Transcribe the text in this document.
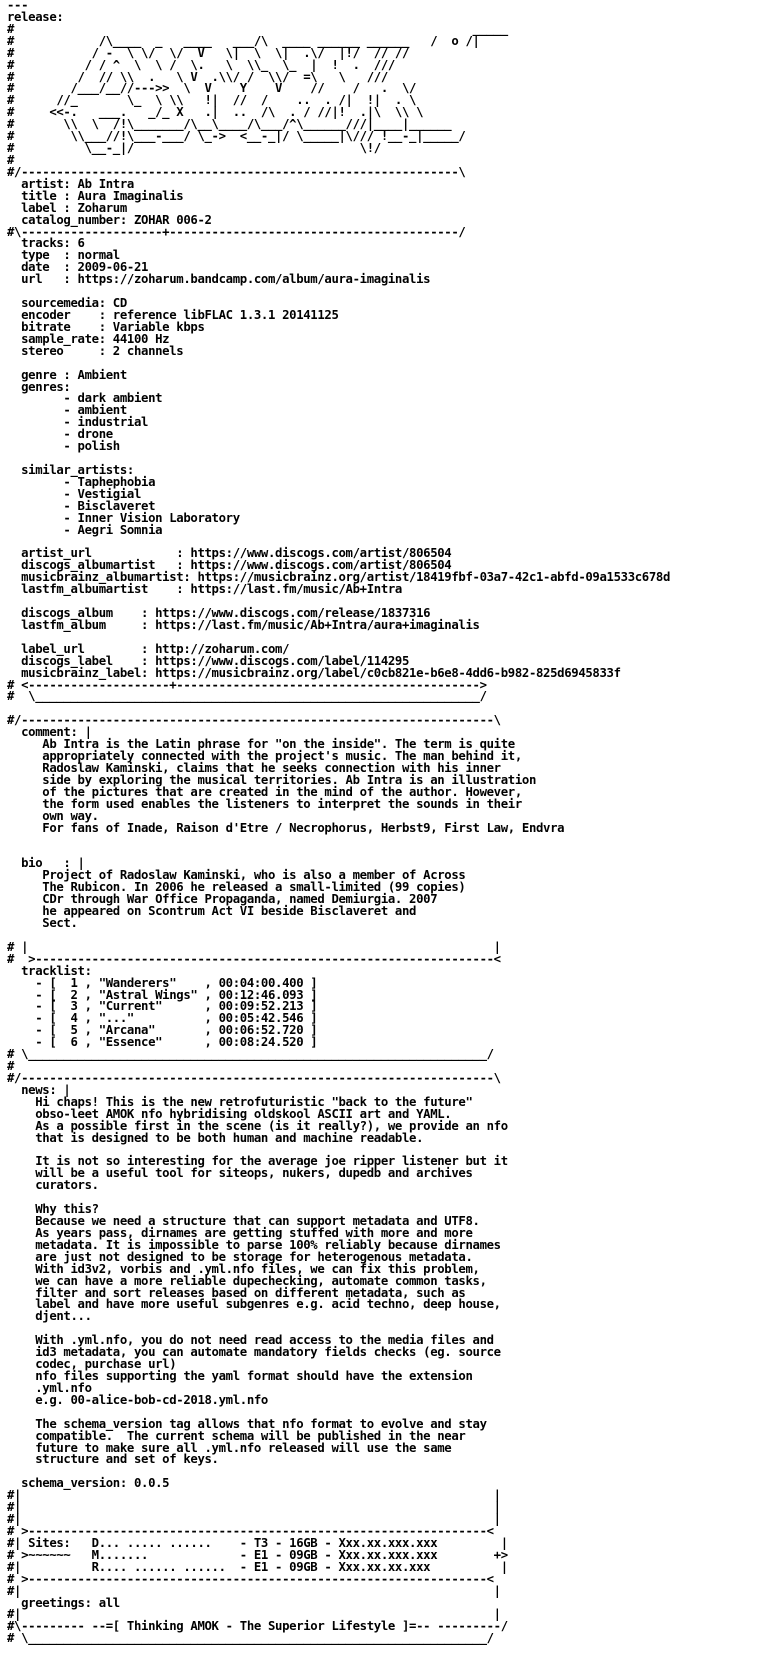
---
release:
#                                                                 _____
#            /\____  _   ____   ___/\  ____ ______ ______   /  o /|
#           / -  \ \/  \/  V   \|  \  \|  .\/  |!/  // //
#          / / ^  \  \ /  \.   \  \\_  \_  |  !  .  ///
#         /  // \\  .   \ V  .\\/ /  \\/  =\   \   ///
#        /___/__//--->>  \  V    Y    V    //    /   .  \/
#      //_       \_  \ \\   !|  //  /    ..  . /|  !|  . \
#     <<-.   ___.   _/_ X   .|  ..  /\  . / //|!  .|\  \\ \
#       \\  \  /!\_______/\__\____/\___/^\______///|____|______
#        \\___//!\___-___/ \_->  <__-_|/ \_____|\/// !__-_|_____/
#          \__-_|/                                \!/
#
#/--------------------------------------------------------------\
artist: Ab Intra
title : Aura Imaginalis
label : Zoharum
catalog_number: ZOHAR 006-2
#\--------------------+-----------------------------------------/
tracks: 6
type  : normal
date  : 2009-06-21
url   : https://zoharum.bandcamp.com/album/aura-imaginalis

sourcemedia: CD
encoder    : reference libFLAC 1.3.1 20141125
bitrate    : Variable kbps
sample_rate: 44100 Hz
stereo     : 2 channels

genre : Ambient
genres:
- dark ambient
- ambient
- industrial
- drone
- polish

similar_artists:
- Taphephobia
- Vestigial
- Bisclaveret
- Inner Vision Laboratory
- Aegri Somnia

artist_url            : https://www.discogs.com/artist/806504
discogs_albumartist   : https://www.discogs.com/artist/806504
musicbrainz_albumartist: https://musicbrainz.org/artist/18419fbf-03a7-42c1-abfd-09a1533c678d
lastfm_albumartist    : https://last.fm/music/Ab+Intra

discogs_album    : https://www.discogs.com/release/1837316
lastfm_album     : https://last.fm/music/Ab+Intra/aura+imaginalis

label_url        : http://zoharum.com/
discogs_label    : https://www.discogs.com/label/114295
musicbrainz_label: https://musicbrainz.org/label/c0cb821e-b6e8-4dd6-b982-825d6945833f
# <--------------------+------------------------------------------->
#  \_______________________________________________________________/

#/-------------------------------------------------------------------\
comment: |
Ab Intra is the Latin phrase for "on the inside". The term is quite
appropriately connected with the project's music. The man behind it,
Radoslaw Kaminski, claims that he seeks connection with his inner
side by exploring the musical territories. Ab Intra is an illustration
of the pictures that are created in the mind of the author. However,
the form used enables the listeners to interpret the sounds in their
own way.
For fans of Inade, Raison d'Etre / Necrophorus, Herbst9, First Law, Endvra

bio   : |
Project of Radoslaw Kaminski, who is also a member of Across
The Rubicon. In 2006 he released a small-limited (99 copies)
CDr through War Office Propaganda, named Demiurgia. 2007
he appeared on Scontrum Act VI beside Bisclaveret and
Sect.

# |                                                                  |
#  >-----------------------------------------------------------------<
tracklist:
- [  1 , "Wanderers"    , 00:04:00.400 ]
- [  2 , "Astral Wings" , 00:12:46.093 ]
- [  3 , "Current"      , 00:09:52.213 ]
- [  4 , "..."          , 00:05:42.546 ]
- [  5 , "Arcana"       , 00:06:52.720 ]
- [  6 , "Essence"      , 00:08:24.520 ]
# \_________________________________________________________________/
#
#/-------------------------------------------------------------------\
news: |
Hi chaps! This is the new retrofuturistic "back to the future"
obso-leet AMOK nfo hybridising oldskool ASCII art and YAML.
As a possible first in the scene (is it really?), we provide an nfo
that is designed to be both human and machine readable.

It is not so interesting for the average joe ripper listener but it
will be a useful tool for siteops, nukers, dupedb and archives
curators.

Why this?
Because we need a structure that can support metadata and UTF8.
As years pass, dirnames are getting stuffed with more and more
metadata. It is impossible to parse 100% reliably because dirnames
are just not designed to be storage for heterogenous metadata.
With id3v2, vorbis and .yml.nfo files, we can fix this problem,
we can have a more reliable dupechecking, automate common tasks,
filter and sort releases based on different metadata, such as
label and have more useful subgenres e.g. acid techno, deep house,
djent...

With .yml.nfo, you do not need read access to the media files and
id3 metadata, you can automate mandatory fields checks (eg. source
codec, purchase url)
nfo files supporting the yaml format should have the extension
.yml.nfo
e.g. 00-alice-bob-cd-2018.yml.nfo

The schema_version tag allows that nfo format to evolve and stay
compatible.  The current schema will be published in the near
future to make sure all .yml.nfo released will use the same
structure and set of keys.

schema_version: 0.0.5
#|                                                                   |
#|                                                                   |
#|                                                                   |
# >-----------------------------------------------------------------<
#| Sites:   D... ..... ......    - T3 - 16GB - Xxx.xx.xxx.xxx         |
# >~~~~~~   M.......             - E1 - 09GB - Xxx.xx.xxx.xxx        +>
#|          R.... ...... ......  - E1 - 09GB - Xxx.xx.xx.xxx          |
# >-----------------------------------------------------------------<
#|                                                                   |
greetings: all
#|                                                                   |
#\--------- --=[ Thinking AMOK - The Superior Lifestyle ]=-- ---------/
# \_________________________________________________________________/
